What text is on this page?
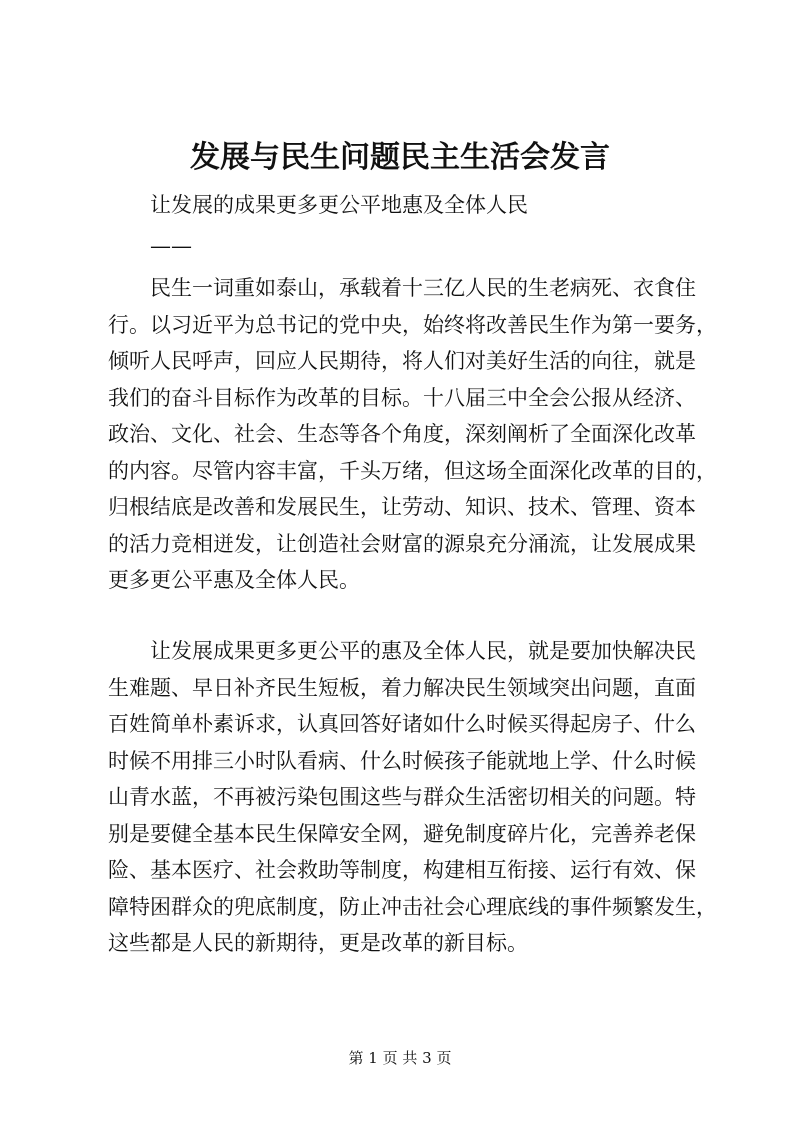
发展与民生问题民主生活会发言
让发展的成果更多更公平地惠及全体人民
——
民生一词重如泰山，承载着十三亿人民的生老病死、衣食住
行。以习近平为总书记的党中央，始终将改善民生作为第一要务，
倾听人民呼声，回应人民期待，将人们对美好生活的向往，就是
我们的奋斗目标作为改革的目标。十八届三中全会公报从经济、
政治、文化、社会、生态等各个角度，深刻阐析了全面深化改革
的内容。尽管内容丰富，千头万绪，但这场全面深化改革的目的，
归根结底是改善和发展民生，让劳动、知识、技术、管理、资本
的活力竞相迸发，让创造社会财富的源泉充分涌流，让发展成果
更多更公平惠及全体人民。
让发展成果更多更公平的惠及全体人民，就是要加快解决民
生难题、早日补齐民生短板，着力解决民生领域突出问题，直面
百姓简单朴素诉求，认真回答好诸如什么时候买得起房子、什么
时候不用排三小时队看病、什么时候孩子能就地上学、什么时候
山青水蓝，不再被污染包围这些与群众生活密切相关的问题。特
别是要健全基本民生保障安全网，避免制度碎片化，完善养老保
险、基本医疗、社会救助等制度，构建相互衔接、运行有效、保
障特困群众的兜底制度，防止冲击社会心理底线的事件频繁发生，
这些都是人民的新期待，更是改革的新目标。
第 1 页 共 3 页
